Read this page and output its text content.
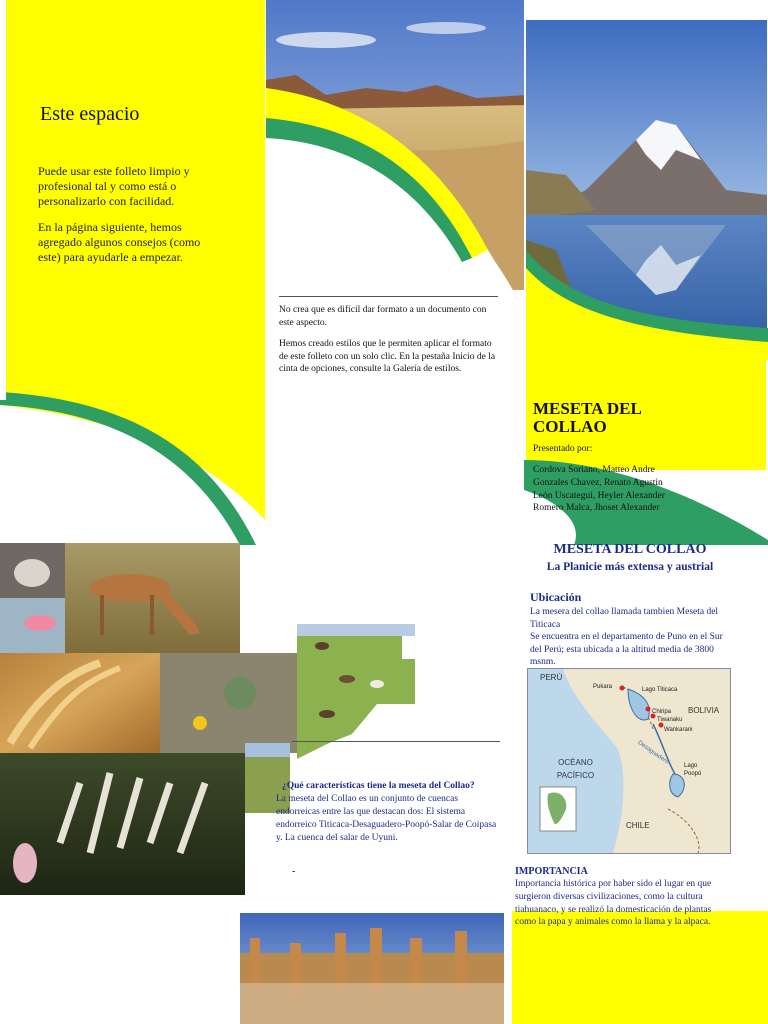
Este espacio
Puede usar este folleto limpio y profesional tal y como está o personalizarlo con facilidad.
En la página siguiente, hemos agregado algunos consejos (como este) para ayudarle a empezar.
No crea que es difícil dar formato a un documento con este aspecto.
Hemos creado estilos que le permiten aplicar el formato de este folleto con un solo clic. En la pestaña Inicio de la cinta de opciones, consulte la Galería de estilos.
MESETA DEL COLLAO
Presentado por:
Cordova Soriano, Matteo Andre
Gonzales Chavez, Renato Agustin
León Uscategui, Heyler Alexander
Romero Malca, Jhoset Alexander
¿Qué características tiene la meseta del Collao?
La meseta del Collao es un conjunto de cuencas endorreicas entre las que destacan dos: El sistema endorreico Titicaca-Desaguadero-Poopó-Salar de Coipasa y. La cuenca del salar de Uyuni.
-
MESETA DEL COLLAO
La Planicie más extensa y austrial
Ubicación
La mesera del collao llamada tambien Meseta del Titicaca
Se encuentra en el departamento de Puno en el Sur del Perú; esta ubicada a la altitud media de 3800 msnm.
PERÚ
BOLIVIA
CHILE
OCÉANO PACÍFICO
Pukara	Lago Titicaca
Chiripa
Tiwanaku
Wankarani
Lago Poopó
Desaguadero
IMPORTANCIA
Importancia histórica por haber sido el lugar en que surgieron diversas civilizaciones, como la cultura tiahuanaco, y se realizó la domesticación de plantas como la papa y animales como la llama y la alpaca.
